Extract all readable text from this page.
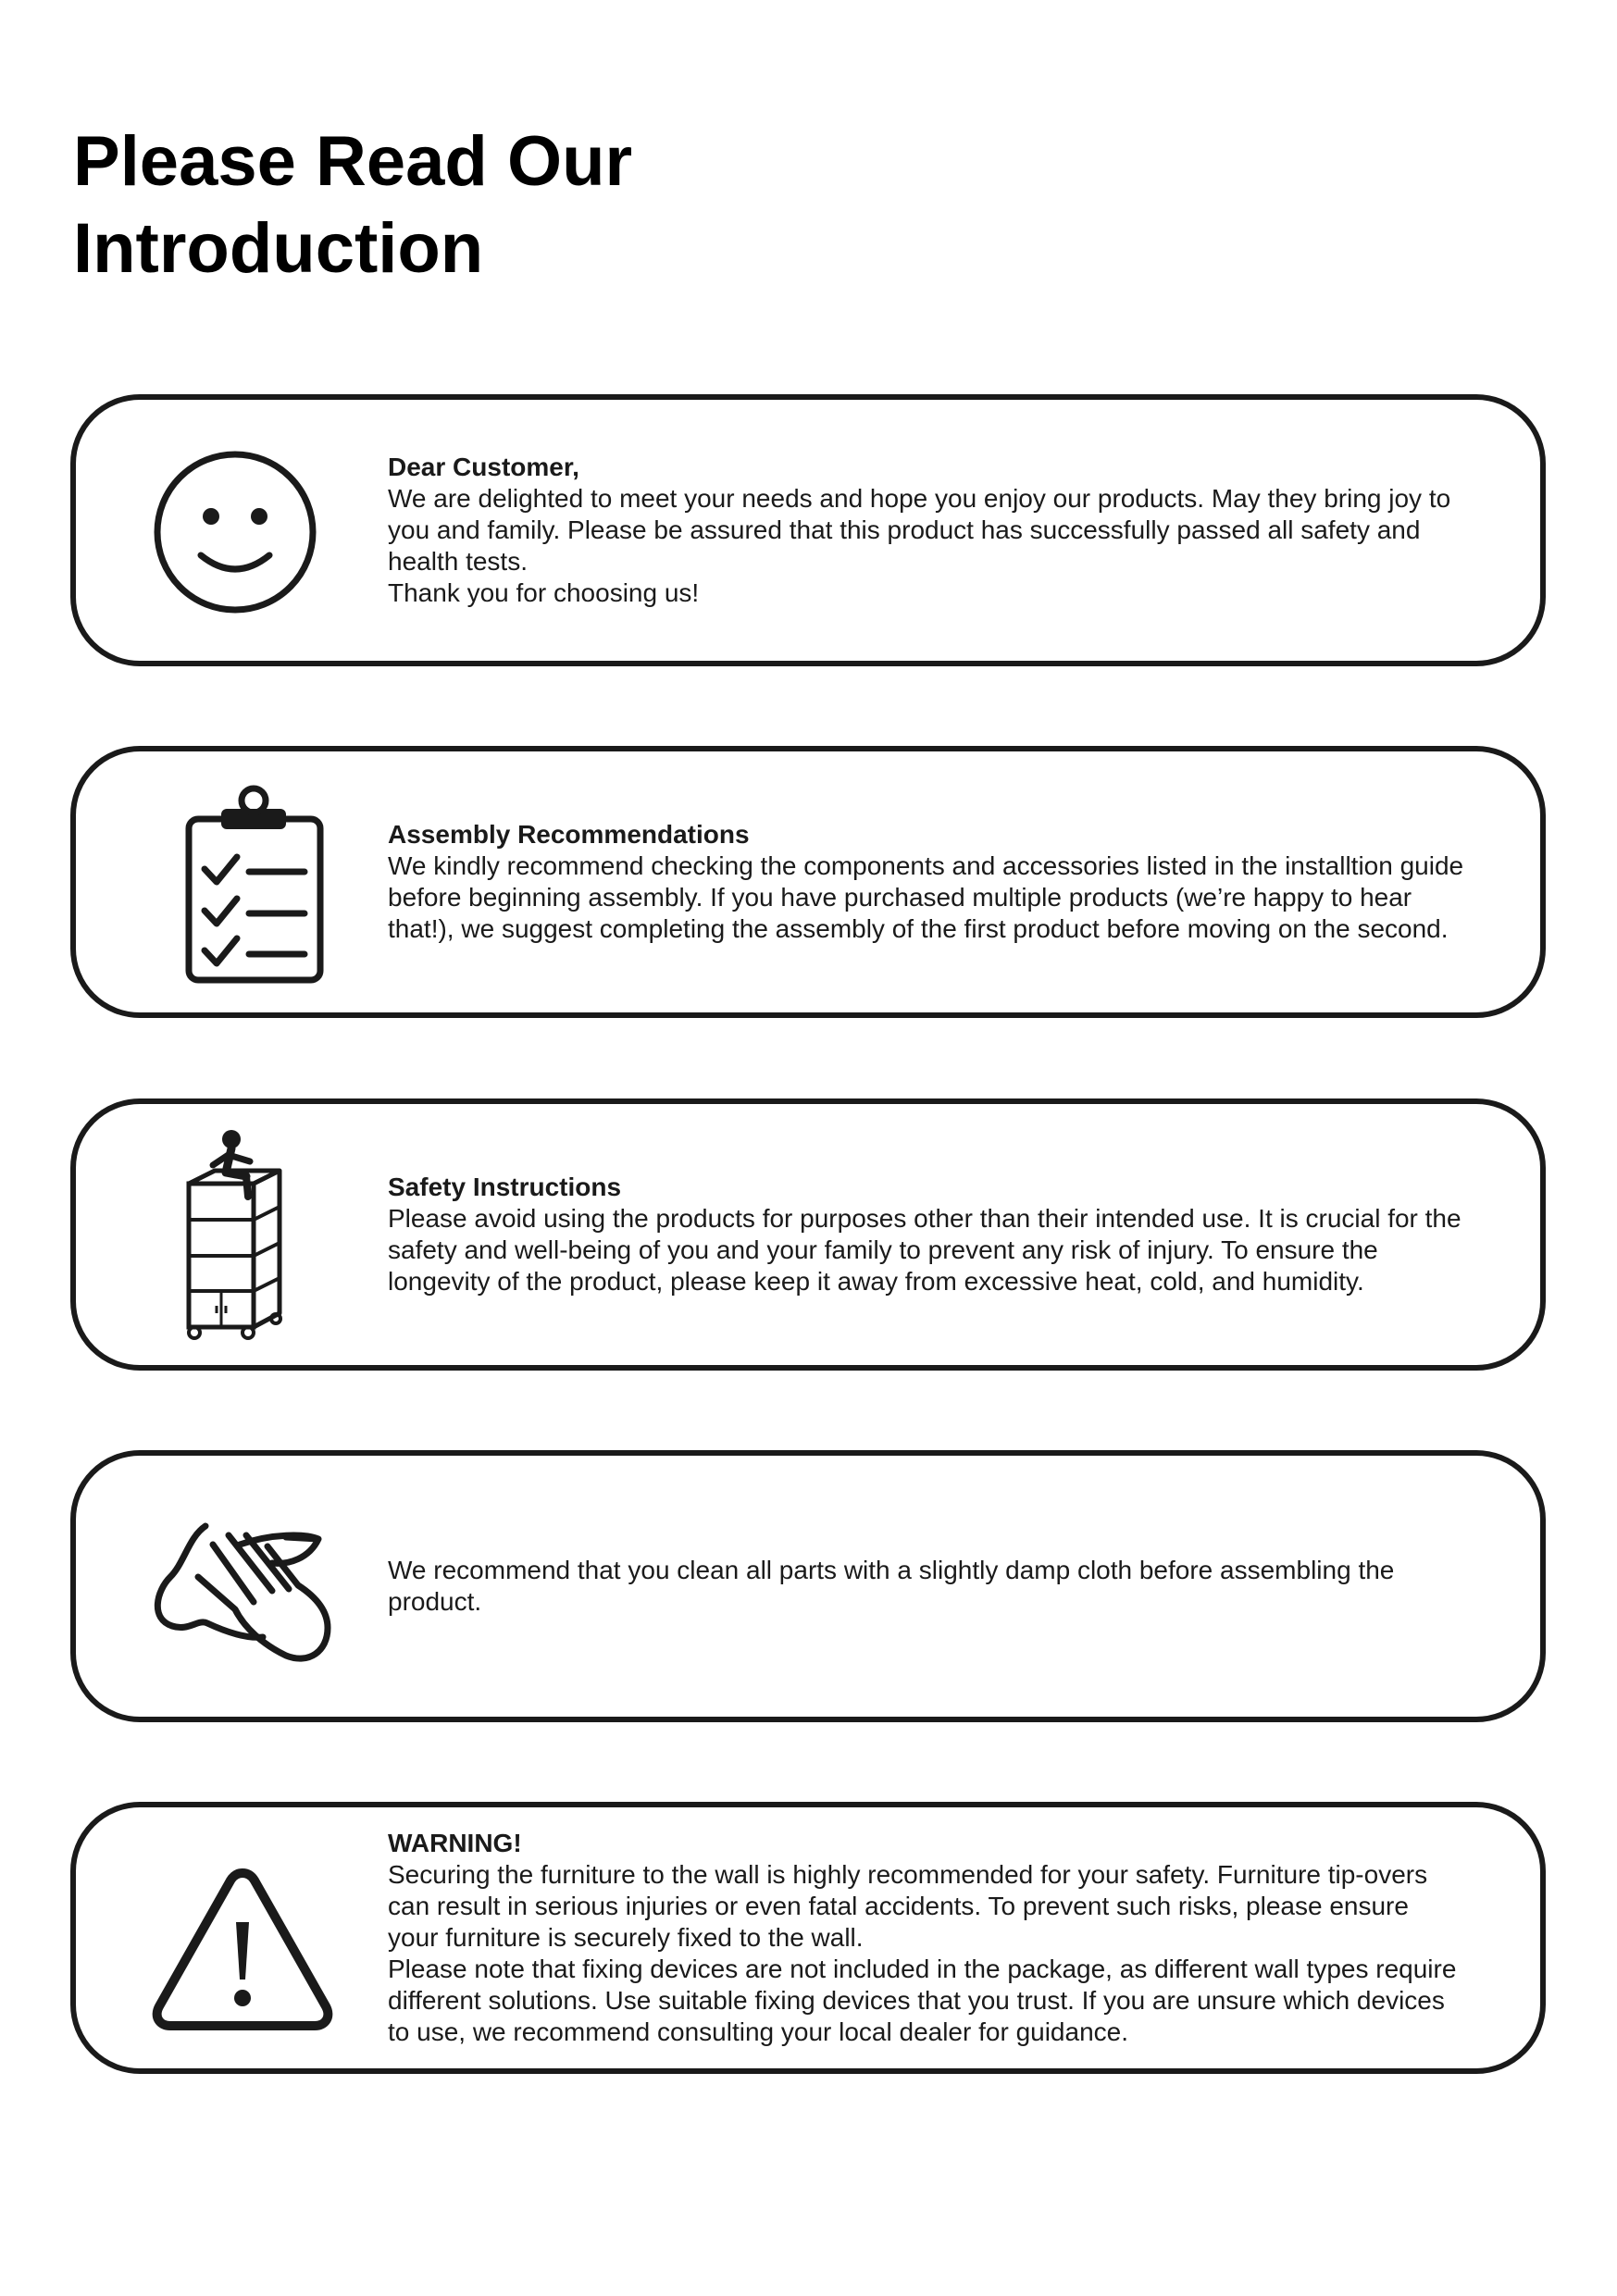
Please Read Our
Introduction

Dear Customer,

We are delighted to meet your needs and hope you enjoy our products. May they bring joy to you and family. Please be assured that this product has successfully passed all safety and health tests.

Thank you for choosing us!

Assembly Recommendations

We kindly recommend checking the components and accessories listed in the installtion guide before beginning assembly. If you have purchased multiple products (we’re happy to hear that!), we suggest completing the assembly of the first product before moving on the second.

Safety Instructions

Please avoid using the products for purposes other than their intended use. It is crucial for the safety and well-being of you and your family to prevent any risk of injury. To ensure the longevity of the product, please keep it away from excessive heat, cold, and humidity.

We recommend that you clean all parts with a slightly damp cloth before assembling the product.

WARNING!

Securing the furniture to the wall is highly recommended for your safety. Furniture tip-overs can result in serious injuries or even fatal accidents. To prevent such risks, please ensure your furniture is securely fixed to the wall.

Please note that fixing devices are not included in the package, as different wall types require different solutions. Use suitable fixing devices that you trust. If you are unsure which devices to use, we recommend consulting your local dealer for guidance.
